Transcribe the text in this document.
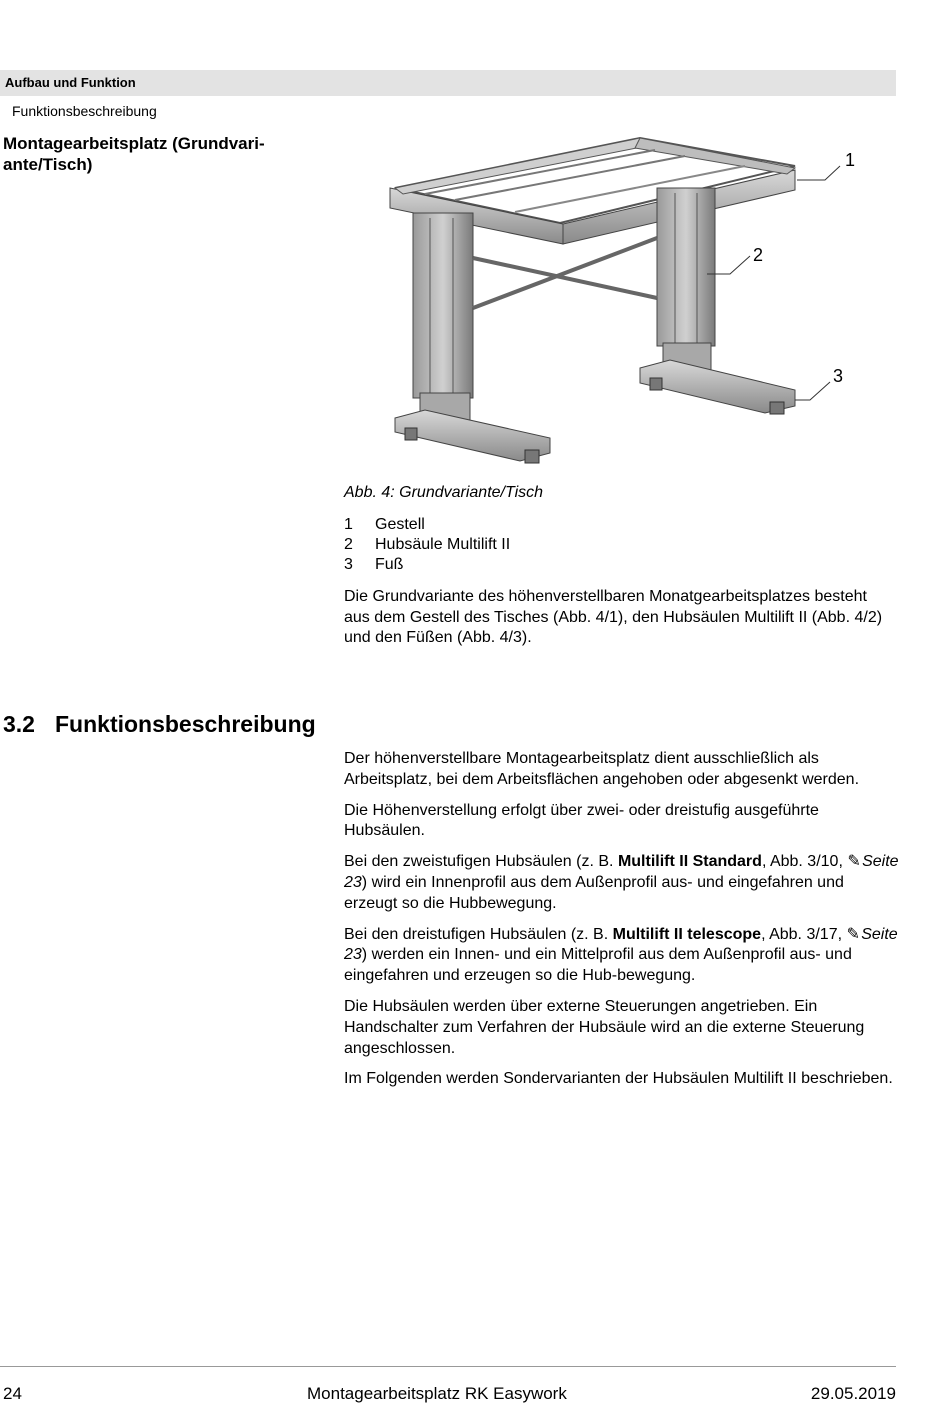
Aufbau und Funktion
Funktionsbeschreibung
Montagearbeitsplatz (Grundvari-
ante/Tisch)	1
2
3
Abb. 4: Grundvariante/Tisch
1	Gestell
2	Hubsäule Multilift II
3	Fuß

Die Grundvariante des höhenverstellbaren Monatgearbeitsplatzes besteht aus dem Gestell des Tisches (Abb. 4/1), den Hubsäulen Multilift II (Abb. 4/2) und den Füßen (Abb. 4/3).

3.2 Funktionsbeschreibung

Der höhenverstellbare Montagearbeitsplatz dient ausschließlich als Arbeitsplatz, bei dem Arbeitsflächen angehoben oder abgesenkt werden.

Die Höhenverstellung erfolgt über zwei- oder dreistufig ausgeführte Hubsäulen.

Bei den zweistufigen Hubsäulen (z. B. Multilift II Standard, Abb. 3/10, ✎ Seite 23) wird ein Innenprofil aus dem Außenprofil aus- und eingefahren und erzeugt so die Hubbewegung.

Bei den dreistufigen Hubsäulen (z. B. Multilift II telescope, Abb. 3/17, ✎ Seite 23) werden ein Innen- und ein Mittelprofil aus dem Außenprofil aus- und eingefahren und erzeugen so die Hub-bewegung.

Die Hubsäulen werden über externe Steuerungen angetrieben. Ein Handschalter zum Verfahren der Hubsäule wird an die externe Steuerung angeschlossen.

Im Folgenden werden Sondervarianten der Hubsäulen Multilift II beschrieben.

24	Montagearbeitsplatz RK Easywork	29.05.2019
